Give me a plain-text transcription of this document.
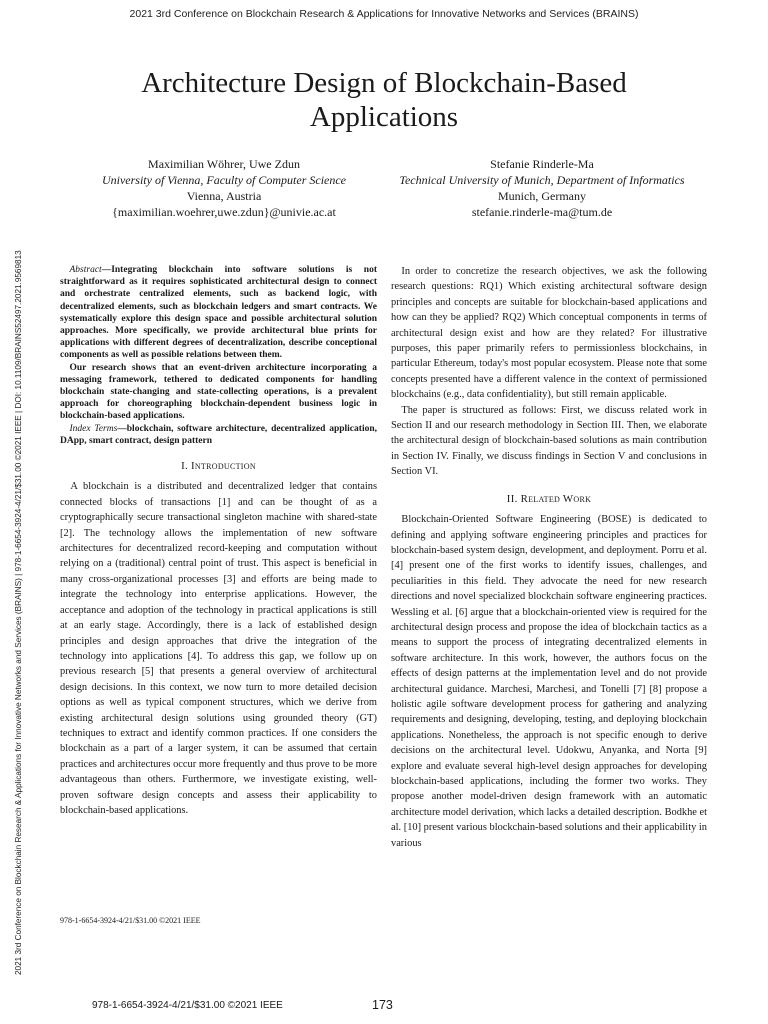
2021 3rd Conference on Blockchain Research & Applications for Innovative Networks and Services (BRAINS)
2021 3rd Conference on Blockchain Research & Applications for Innovative Networks and Services (BRAINS) | 978-1-6654-3924-4/21/$31.00 ©2021 IEEE | DOI: 10.1109/BRAINS52497.2021.9569813
Architecture Design of Blockchain-Based Applications
Maximilian Wöhrer, Uwe Zdun
University of Vienna, Faculty of Computer Science
Vienna, Austria
{maximilian.woehrer,uwe.zdun}@univie.ac.at
Stefanie Rinderle-Ma
Technical University of Munich, Department of Informatics
Munich, Germany
stefanie.rinderle-ma@tum.de

Abstract—Integrating blockchain into software solutions is not straightforward as it requires sophisticated architectural design to connect and orchestrate centralized elements, such as backend logic, with decentralized elements, such as blockchain ledgers and smart contracts. We systematically explore this design space and possible architectural solution approaches. More specifically, we provide architectural blue prints for applications with different degrees of decentralization, describe conceptional components as well as possible relations between them.

Our research shows that an event-driven architecture incorporating a messaging framework, tethered to dedicated components for handling blockchain state-changing and state-collecting operations, is a prevalent approach for choreographing blockchain-dependent business logic in blockchain-based applications.

Index Terms—blockchain, software architecture, decentralized application, DApp, smart contract, design pattern

I. Introduction

A blockchain is a distributed and decentralized ledger that contains connected blocks of transactions [1] and can be thought of as a cryptographically secure transactional singleton machine with shared-state [2]. The technology allows the implementation of new software architectures for decentralized record-keeping and computation without relying on a (traditional) central point of trust. This aspect is beneficial in many cross-organizational processes [3] and efforts are being made to integrate the technology into enterprise applications. However, the acceptance and adoption of the technology in practical applications is still at an early stage. Accordingly, there is a lack of established design principles and design approaches that drive the integration of the technology into applications [4]. To address this gap, we follow up on previous research [5] that presents a general overview of architectural design decisions. In this context, we now turn to more detailed decision options as well as typical component structures, which we derive from existing architectural design solutions using grounded theory (GT) techniques to extract and identify common practices. If one considers the blockchain as a part of a larger system, it can be assumed that certain practices and architectures occur more frequently and thus prove to be more advantageous than others. Furthermore, we investigate existing, well-proven software design concepts and assess their applicability to blockchain-based applications.

In order to concretize the research objectives, we ask the following research questions: RQ1) Which existing architectural software design principles and concepts are suitable for blockchain-based applications and how can they be applied? RQ2) Which conceptual components in terms of architectural design exist and how are they related? For illustrative purposes, this paper primarily refers to permissionless blockchains, in particular Ethereum, today's most popular ecosystem. Please note that some concepts presented have a different valence in the context of permissioned blockchains (e.g., data confidentiality), but still remain applicable.

The paper is structured as follows: First, we discuss related work in Section II and our research methodology in Section III. Then, we elaborate the architectural design of blockchain-based solutions as main contribution in Section IV. Finally, we discuss findings in Section V and conclusions in Section VI.

II. Related Work

Blockchain-Oriented Software Engineering (BOSE) is dedicated to defining and applying software engineering principles and practices for blockchain-based system design, development, and deployment. Porru et al. [4] present one of the first works to identify issues, challenges, and peculiarities in this field. They advocate the need for new research directions and novel specialized blockchain software engineering practices. Wessling et al. [6] argue that a blockchain-oriented view is required for the architectural design process and propose the idea of blockchain tactics as a means to support the process of integrating decentralized elements in software architecture. In this work, however, the authors focus on the effects of design patterns at the implementation level and do not provide architectural guidance. Marchesi, Marchesi, and Tonelli [7] [8] propose a holistic agile software development process for gathering and analyzing requirements and designing, developing, testing, and deploying blockchain applications. Nonetheless, the approach is not specific enough to derive decisions on the architectural level. Udokwu, Anyanka, and Norta [9] explore and evaluate several high-level design approaches for developing blockchain-based applications, including the former two works. They propose another model-driven design framework with an automatic architecture model derivation, which lacks a detailed description. Bodkhe et al. [10] present various blockchain-based solutions and their applicability in various

978-1-6654-3924-4/21/$31.00 ©2021 IEEE
978-1-6654-3924-4/21/$31.00 ©2021 IEEE	173
